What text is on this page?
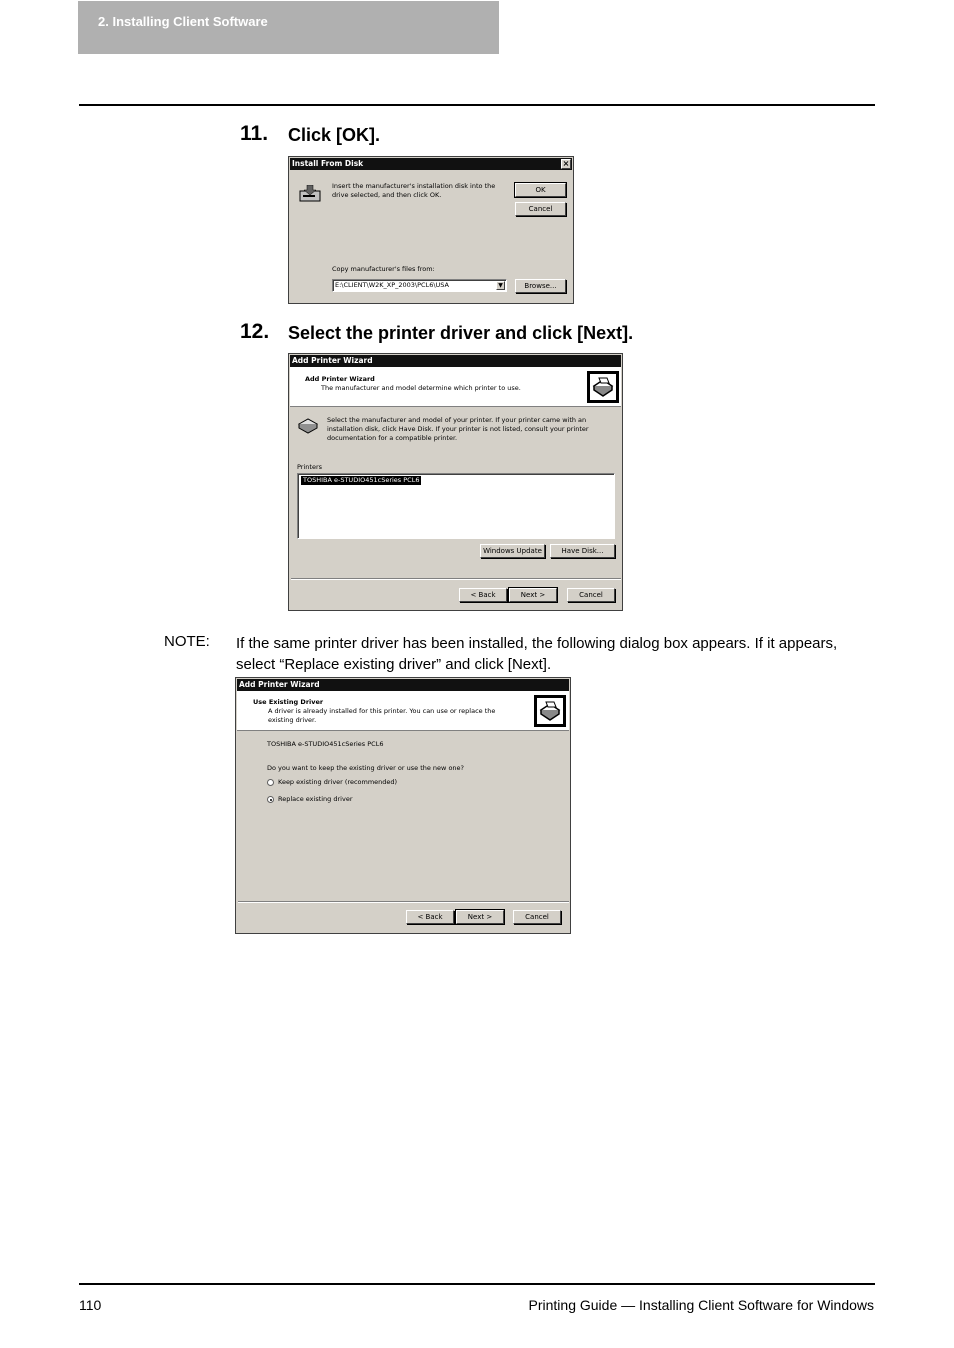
2. Installing Client Software
11. Click [OK].
Install From Disk	×
Insert the manufacturer's installation disk into the drive selected, and then click OK.
OK
Cancel
Copy manufacturer's files from:
E:\CLIENT\W2K_XP_2003\PCL6\USA	▼	Browse...
12. Select the printer driver and click [Next].
Add Printer Wizard
Add Printer Wizard
The manufacturer and model determine which printer to use.
Select the manufacturer and model of your printer. If your printer came with an installation disk, click Have Disk. If your printer is not listed, consult your printer documentation for a compatible printer.
Printers
TOSHIBA e-STUDIO451cSeries PCL6
Windows Update	Have Disk...
< Back	Next >	Cancel
NOTE: If the same printer driver has been installed, the following dialog box appears. If it appears, select “Replace existing driver” and click [Next].
Add Printer Wizard
Use Existing Driver
A driver is already installed for this printer. You can use or replace the existing driver.
TOSHIBA e-STUDIO451cSeries PCL6
Do you want to keep the existing driver or use the new one?
Keep existing driver (recommended)
Replace existing driver
< Back	Next >	Cancel
110	Printing Guide — Installing Client Software for Windows
